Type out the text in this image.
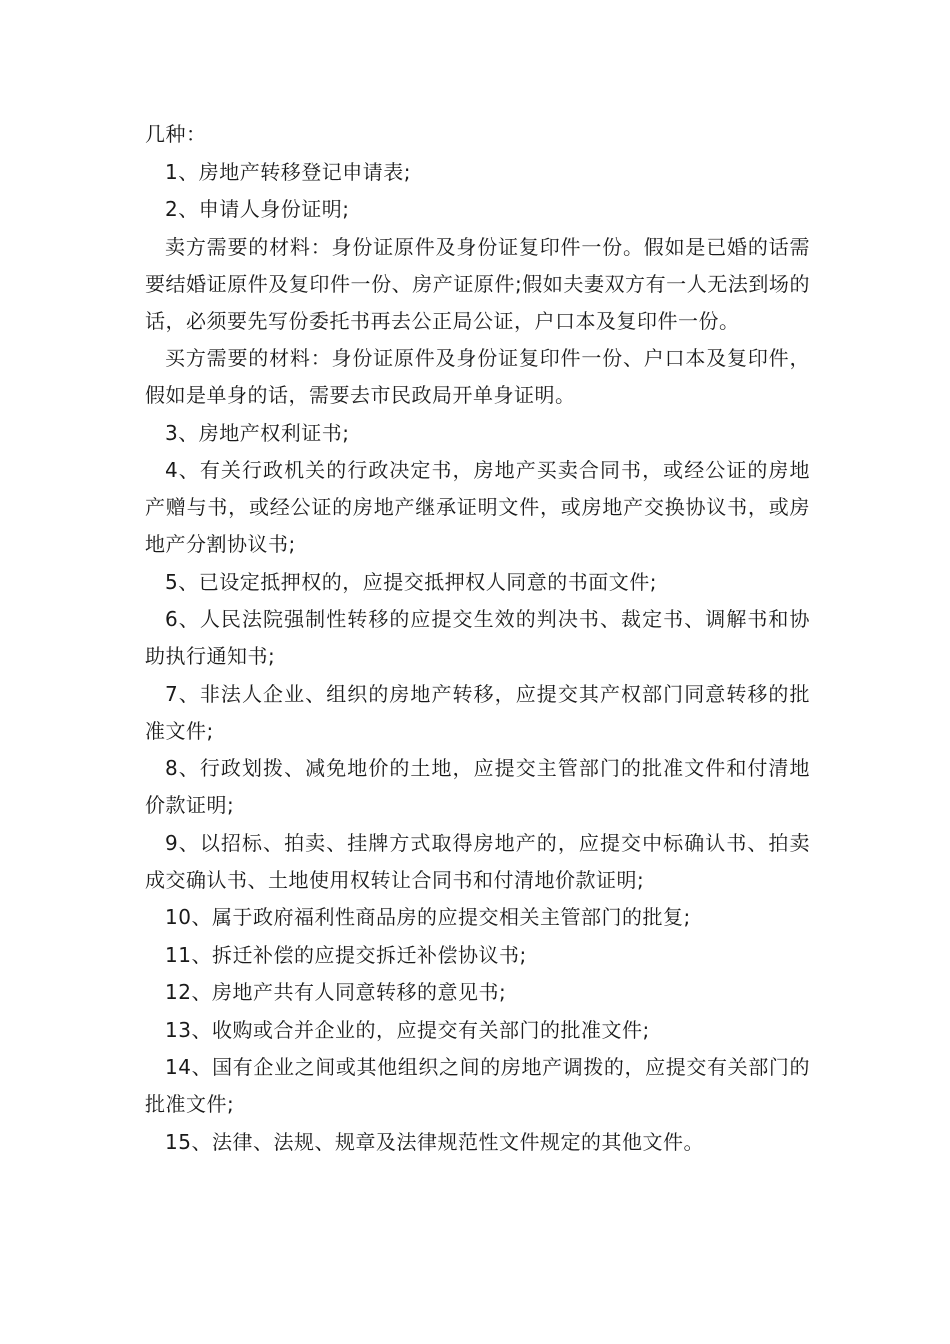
几种：

1、房地产转移登记申请表;

2、申请人身份证明;

卖方需要的材料：身份证原件及身份证复印件一份。假如是已婚的话需要结婚证原件及复印件一份、房产证原件;假如夫妻双方有一人无法到场的话，必须要先写份委托书再去公正局公证，户口本及复印件一份。

买方需要的材料：身份证原件及身份证复印件一份、户口本及复印件，假如是单身的话，需要去市民政局开单身证明。

3、房地产权利证书;

4、有关行政机关的行政决定书，房地产买卖合同书，或经公证的房地产赠与书，或经公证的房地产继承证明文件，或房地产交换协议书，或房地产分割协议书;

5、已设定抵押权的，应提交抵押权人同意的书面文件;

6、人民法院强制性转移的应提交生效的判决书、裁定书、调解书和协助执行通知书;

7、非法人企业、组织的房地产转移，应提交其产权部门同意转移的批准文件;

8、行政划拨、减免地价的土地，应提交主管部门的批准文件和付清地价款证明;

9、以招标、拍卖、挂牌方式取得房地产的，应提交中标确认书、拍卖成交确认书、土地使用权转让合同书和付清地价款证明;

10、属于政府福利性商品房的应提交相关主管部门的批复;

11、拆迁补偿的应提交拆迁补偿协议书;

12、房地产共有人同意转移的意见书;

13、收购或合并企业的，应提交有关部门的批准文件;

14、国有企业之间或其他组织之间的房地产调拨的，应提交有关部门的批准文件;

15、法律、法规、规章及法律规范性文件规定的其他文件。
